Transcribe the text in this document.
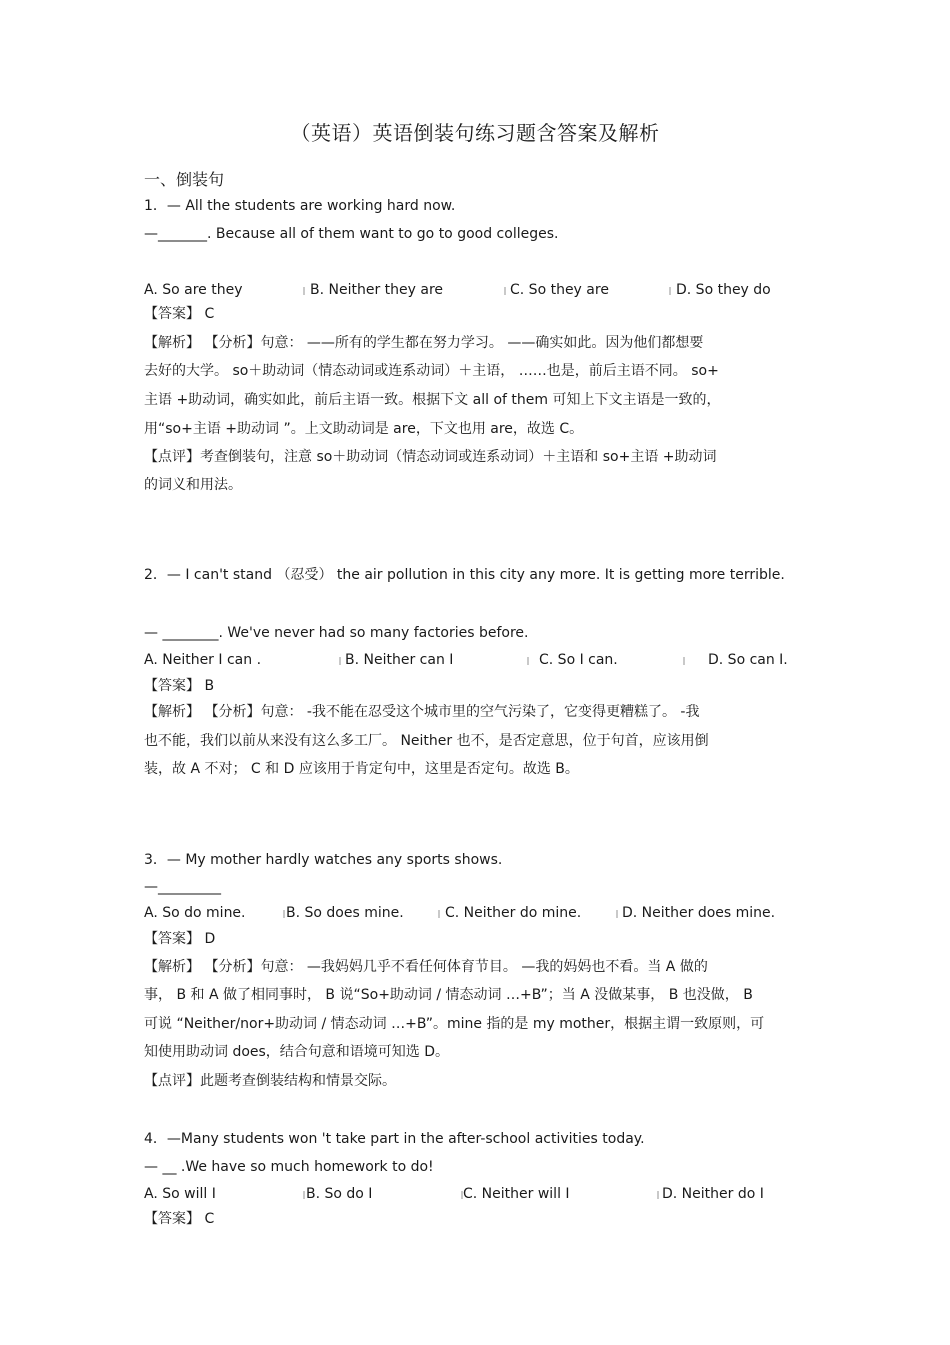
（英语）英语倒装句练习题含答案及解析
一、倒装句
1．— All the students are working hard now.
—_______. Because all of them want to go to good colleges.
A. So are they	B. Neither they are	C. So they are	D. So they do
【答案】 C
【解析】 【分析】句意： ——所有的学生都在努力学习。 ——确实如此。因为他们都想要
去好的大学。 so＋助动词（情态动词或连系动词）＋主语， ……也是，前后主语不同。 so+
主语 +助动词，确实如此，前后主语一致。根据下文 all of them 可知上下文主语是一致的，
用“so+主语 +助动词 ”。上文助动词是 are，下文也用 are，故选 C。
【点评】考查倒装句，注意 so＋助动词（情态动词或连系动词）＋主语和 so+主语 +助动词
的词义和用法。
2．— I can't stand （忍受） the air pollution in this city any more. It is getting more terrible.
— ________. We've never had so many factories before.
A. Neither I can .	B. Neither can I	C. So I can.	D. So can I.
【答案】 B
【解析】 【分析】句意： -我不能在忍受这个城市里的空气污染了，它变得更糟糕了。 -我
也不能，我们以前从来没有这么多工厂。 Neither 也不，是否定意思，位于句首，应该用倒
装，故 A 不对； C 和 D 应该用于肯定句中，这里是否定句。故选 B。
3．— My mother hardly watches any sports shows.
—_________
A. So do mine.	B. So does mine.	C. Neither do mine.	D. Neither does mine.
【答案】 D
【解析】 【分析】句意： —我妈妈几乎不看任何体育节目。 —我的妈妈也不看。当 A 做的
事， B 和 A 做了相同事时， B 说“So+助动词 / 情态动词 …+B”；当 A 没做某事， B 也没做， B
可说 “Neither/nor+助动词 / 情态动词 …+B”。mine 指的是 my mother，根据主谓一致原则，可
知使用助动词 does，结合句意和语境可知选 D。
【点评】此题考查倒装结构和情景交际。
4．—Many students won 't take part in the after-school activities today.
— __ .We have so much homework to do!
A. So will I	B. So do I	C. Neither will I	D. Neither do I
【答案】 C
